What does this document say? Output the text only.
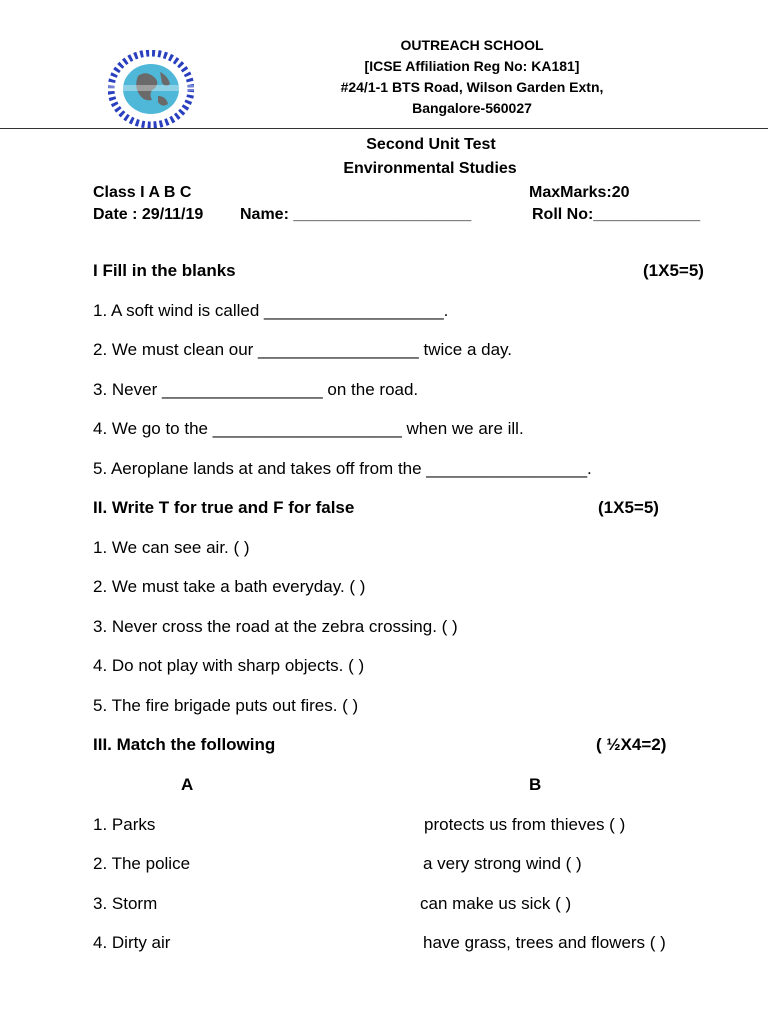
OUTREACH SCHOOL
[ICSE Affiliation Reg No: KA181]
#24/1-1 BTS Road, Wilson Garden Extn,
Bangalore-560027
Second Unit Test
Environmental Studies
Class I A B C	MaxMarks:20
Date : 29/11/19 Name: ____________________	Roll No:____________
I Fill in the blanks	(1X5=5)
1. A soft wind is called ___________________.
2. We must clean our _________________ twice a day.
3. Never _________________ on the road.
4. We go to the ____________________ when we are ill.
5. Aeroplane lands at and takes off from the _________________.
II. Write T for true and F for false	(1X5=5)
1. We can see air. ( )
2. We must take a bath everyday. ( )
3. Never cross the road at the zebra crossing. ( )
4. Do not play with sharp objects. ( )
5. The fire brigade puts out fires. ( )
III. Match the following	( ½X4=2)
A	B
1. Parks	protects us from thieves ( )
2. The police	a very strong wind ( )
3. Storm	can make us sick ( )
4. Dirty air	have grass, trees and flowers ( )
